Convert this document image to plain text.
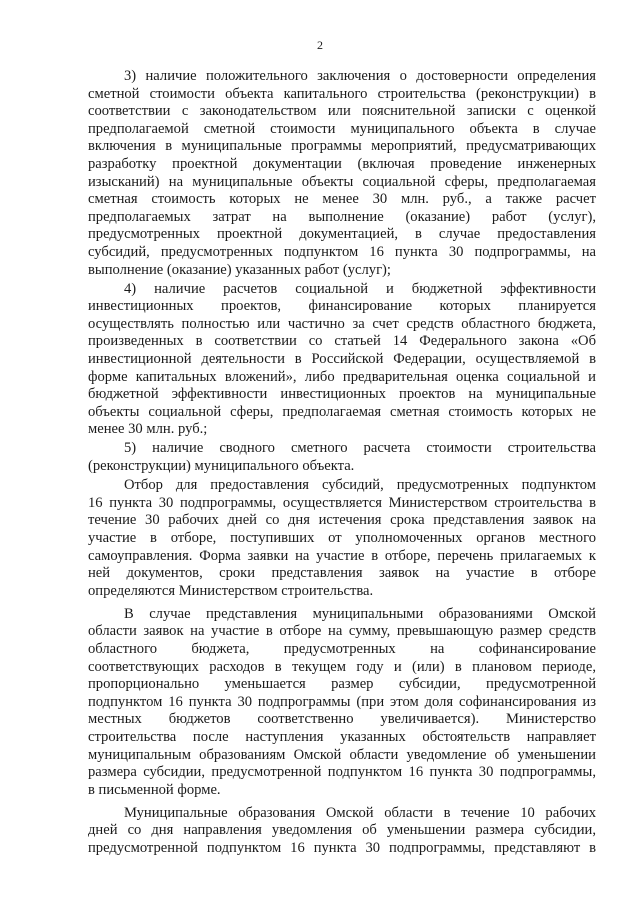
2
3) наличие положительного заключения о достоверности определения
сметной стоимости объекта капитального строительства (реконструкции) в
соответствии с законодательством или пояснительной записки с оценкой
предполагаемой сметной стоимости муниципального объекта в случае
включения в муниципальные программы мероприятий, предусматривающих
разработку проектной документации (включая проведение инженерных
изысканий) на муниципальные объекты социальной сферы, предполагаемая
сметная стоимость которых не менее 30 млн. руб., а также расчет
предполагаемых затрат на выполнение (оказание) работ (услуг),
предусмотренных проектной документацией, в случае предоставления
субсидий, предусмотренных подпунктом 16 пункта 30 подпрограммы, на
выполнение (оказание) указанных работ (услуг);
4) наличие расчетов социальной и бюджетной эффективности
инвестиционных проектов, финансирование которых планируется
осуществлять полностью или частично за счет средств областного бюджета,
произведенных в соответствии со статьей 14 Федерального закона «Об
инвестиционной деятельности в Российской Федерации, осуществляемой в
форме капитальных вложений», либо предварительная оценка социальной и
бюджетной эффективности инвестиционных проектов на муниципальные
объекты социальной сферы, предполагаемая сметная стоимость которых не
менее 30 млн. руб.;
5) наличие сводного сметного расчета стоимости строительства
(реконструкции) муниципального объекта.
Отбор для предоставления субсидий, предусмотренных подпунктом
16 пункта 30 подпрограммы, осуществляется Министерством строительства в
течение 30 рабочих дней со дня истечения срока представления заявок на
участие в отборе, поступивших от уполномоченных органов местного
самоуправления. Форма заявки на участие в отборе, перечень прилагаемых к
ней документов, сроки представления заявок на участие в отборе
определяются Министерством строительства.
В случае представления муниципальными образованиями Омской
области заявок на участие в отборе на сумму, превышающую размер средств
областного бюджета, предусмотренных на софинансирование
соответствующих расходов в текущем году и (или) в плановом периоде,
пропорционально уменьшается размер субсидии, предусмотренной
подпунктом 16 пункта 30 подпрограммы (при этом доля софинансирования из
местных бюджетов соответственно увеличивается). Министерство
строительства после наступления указанных обстоятельств направляет
муниципальным образованиям Омской области уведомление об уменьшении
размера субсидии, предусмотренной подпунктом 16 пункта 30 подпрограммы,
в письменной форме.
Муниципальные образования Омской области в течение 10 рабочих
дней со дня направления уведомления об уменьшении размера субсидии,
предусмотренной подпунктом 16 пункта 30 подпрограммы, представляют в
